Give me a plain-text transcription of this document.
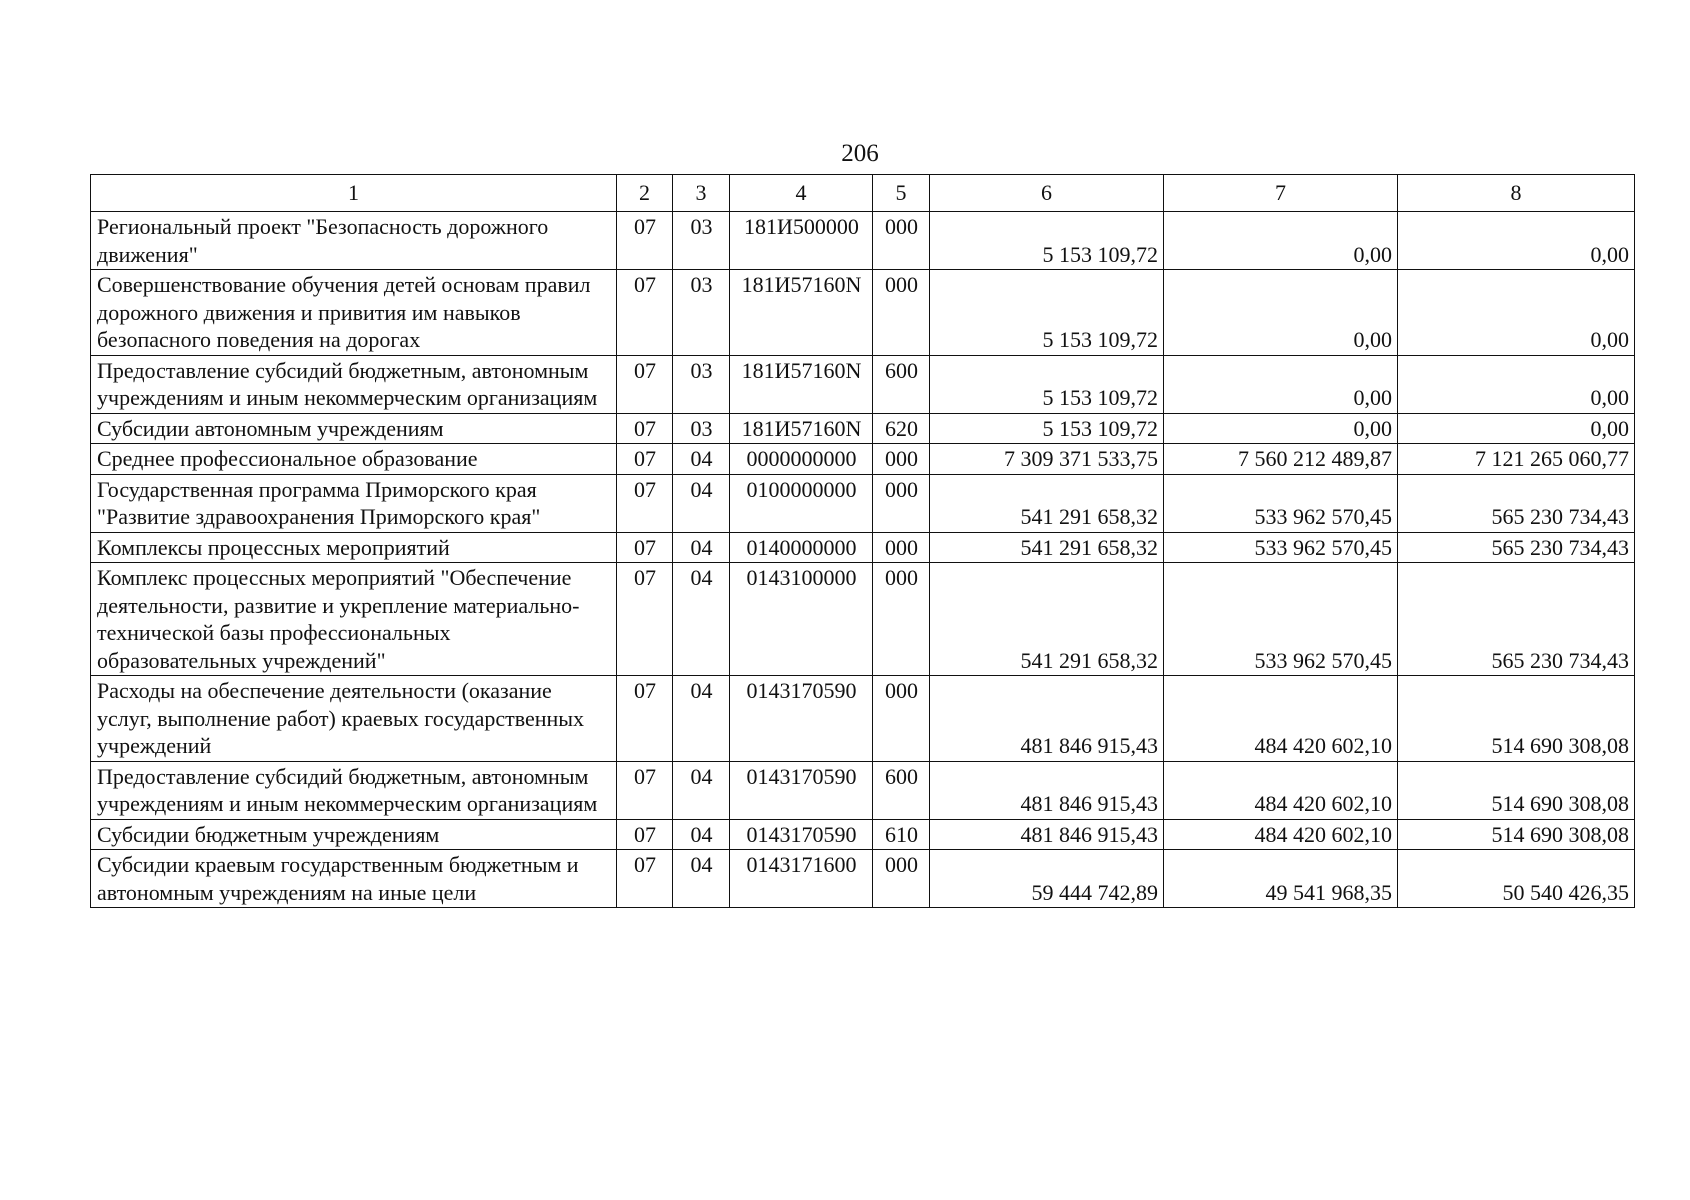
206
1	2	3	4	5	6	7	8
Региональный проект "Безопасность дорожного движения"	07	03	181И500000	000	5 153 109,72	0,00	0,00
Совершенствование обучения детей основам правил дорожного движения и привития им навыков безопасного поведения на дорогах	07	03	181И57160N	000	5 153 109,72	0,00	0,00
Предоставление субсидий бюджетным, автономным учреждениям и иным некоммерческим организациям	07	03	181И57160N	600	5 153 109,72	0,00	0,00
Субсидии автономным учреждениям	07	03	181И57160N	620	5 153 109,72	0,00	0,00
Среднее профессиональное образование	07	04	0000000000	000	7 309 371 533,75	7 560 212 489,87	7 121 265 060,77
Государственная программа Приморского края "Развитие здравоохранения Приморского края"	07	04	0100000000	000	541 291 658,32	533 962 570,45	565 230 734,43
Комплексы процессных мероприятий	07	04	0140000000	000	541 291 658,32	533 962 570,45	565 230 734,43
Комплекс процессных мероприятий "Обеспечение деятельности, развитие и укрепление материально-технической базы профессиональных образовательных учреждений"	07	04	0143100000	000	541 291 658,32	533 962 570,45	565 230 734,43
Расходы на обеспечение деятельности (оказание услуг, выполнение работ) краевых государственных учреждений	07	04	0143170590	000	481 846 915,43	484 420 602,10	514 690 308,08
Предоставление субсидий бюджетным, автономным учреждениям и иным некоммерческим организациям	07	04	0143170590	600	481 846 915,43	484 420 602,10	514 690 308,08
Субсидии бюджетным учреждениям	07	04	0143170590	610	481 846 915,43	484 420 602,10	514 690 308,08
Субсидии краевым государственным бюджетным и автономным учреждениям на иные цели	07	04	0143171600	000	59 444 742,89	49 541 968,35	50 540 426,35
